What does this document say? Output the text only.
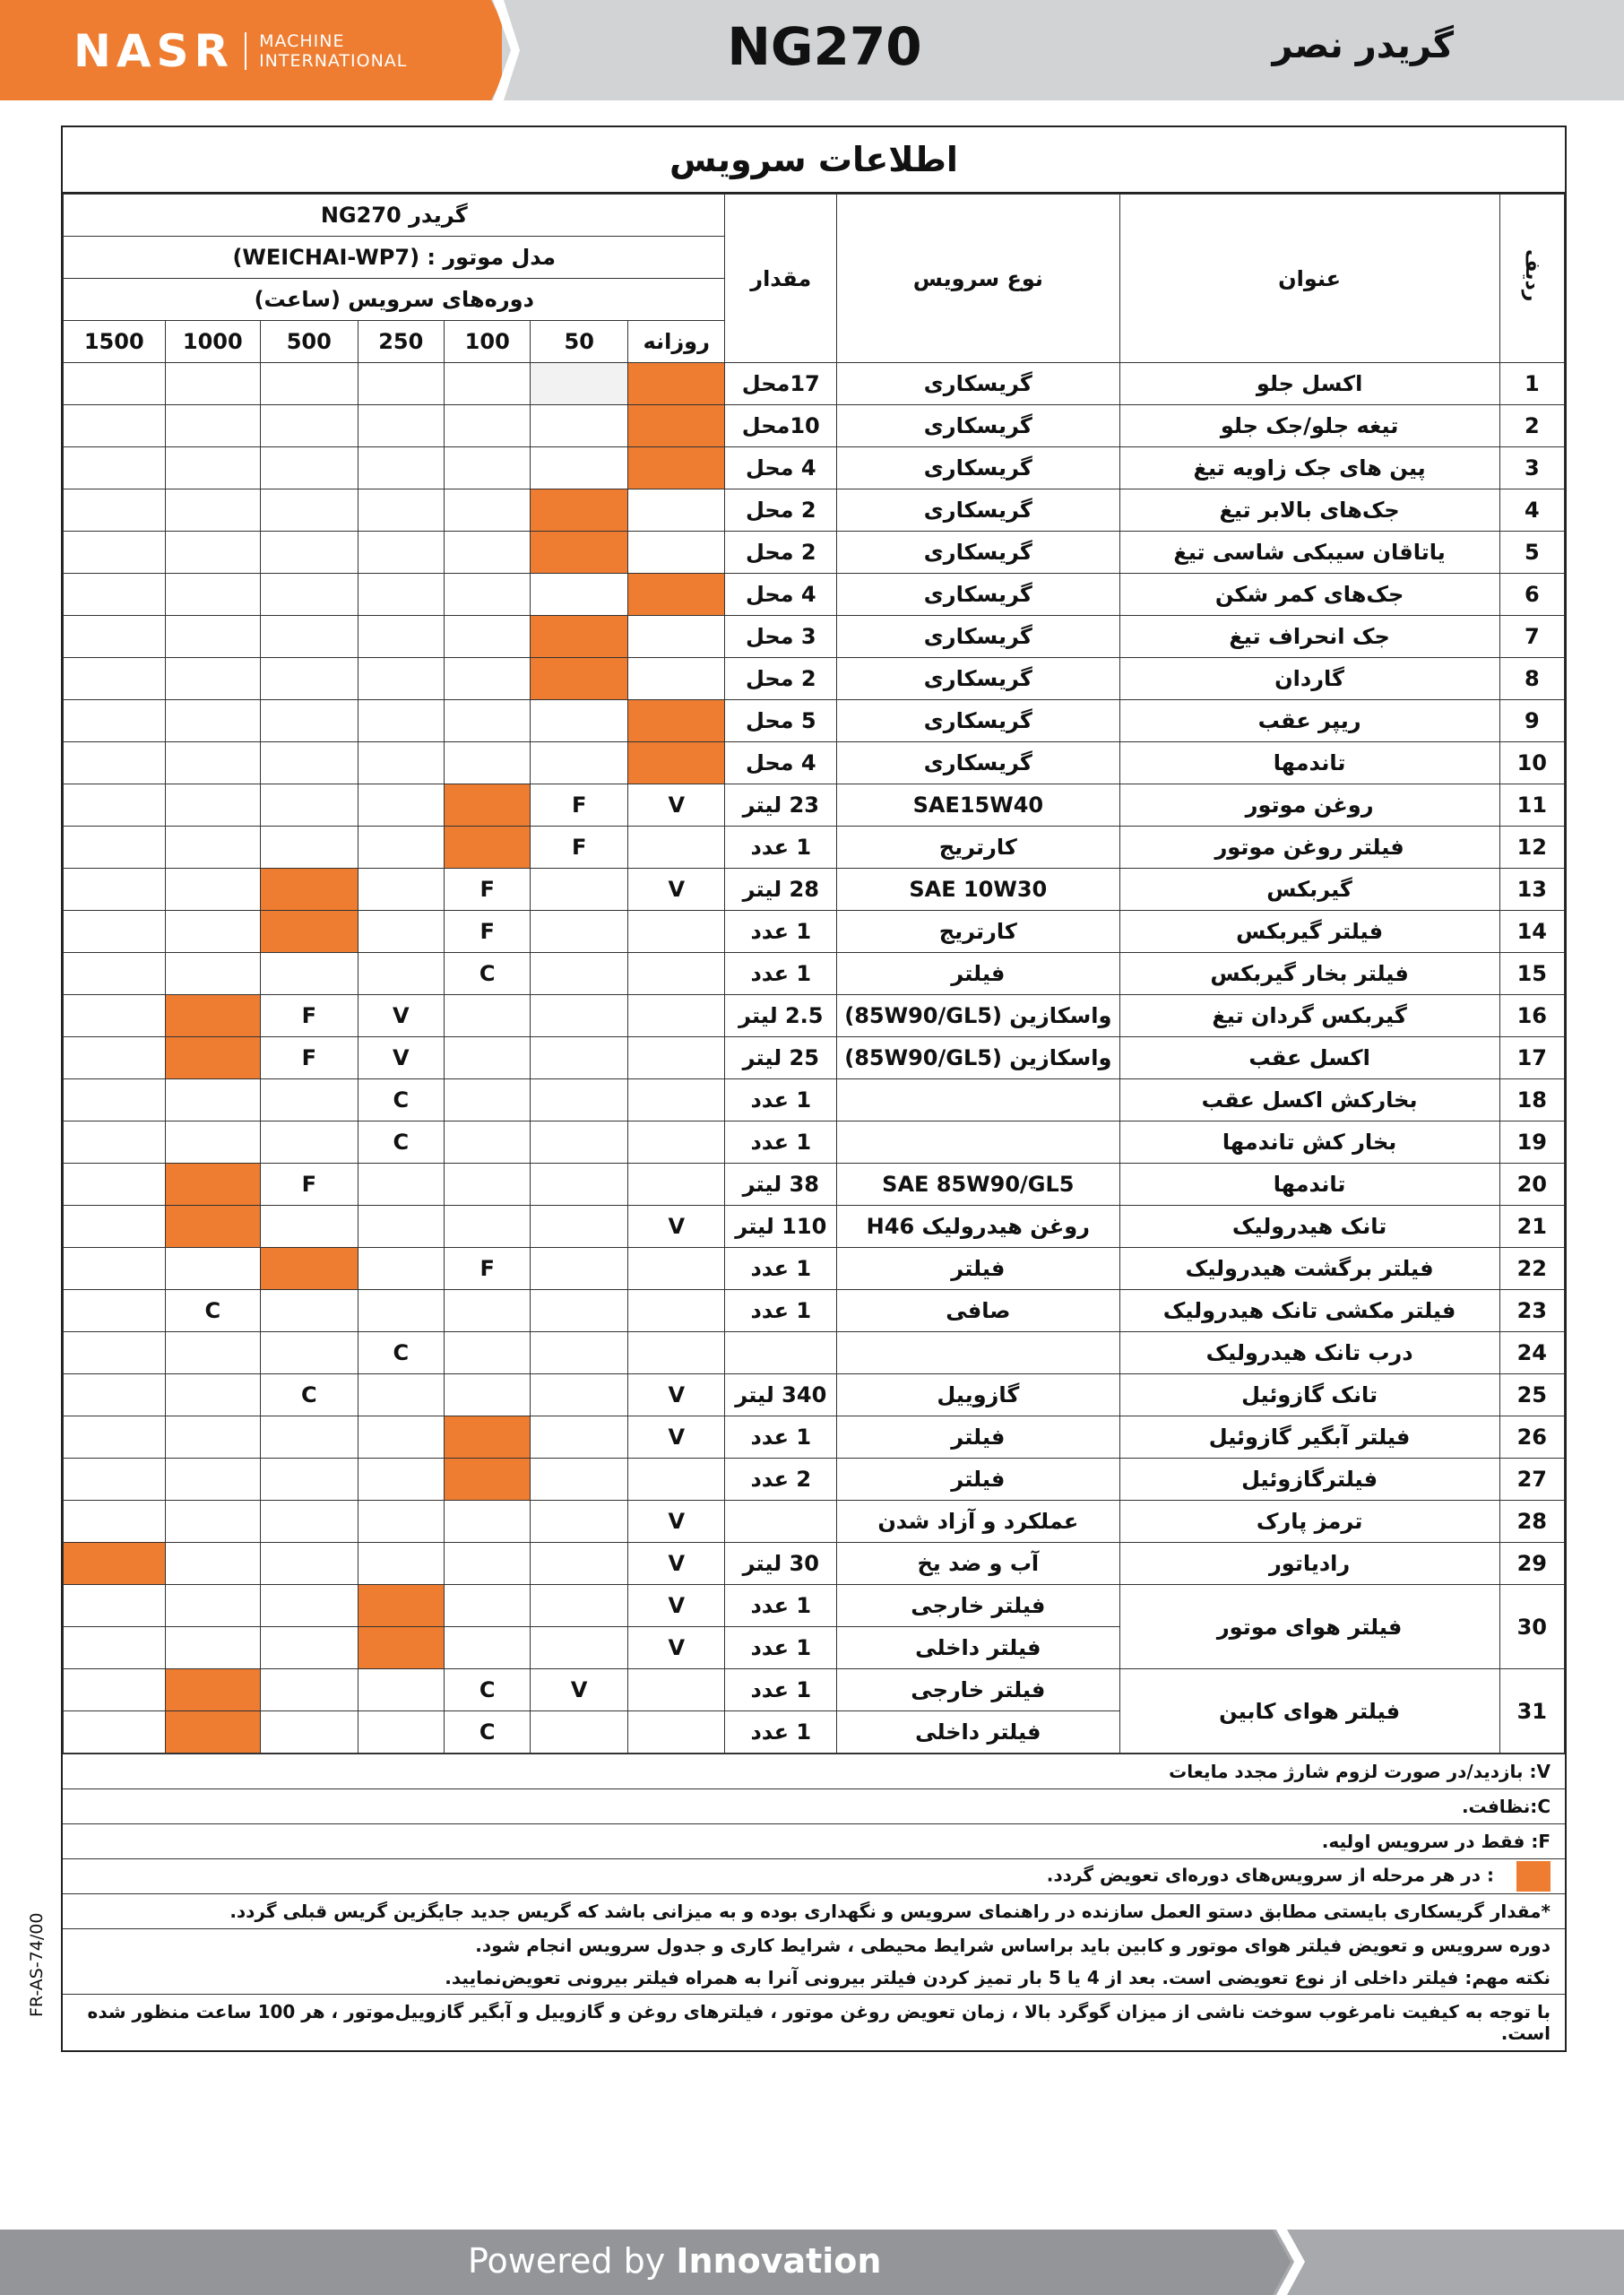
NASR MACHINE
INTERNATIONAL	NG270	گریدر نصر
اطلاعات سرویس
گریدر NG270							مقدار	نوع سرویس	عنوان	ردیف
مدل موتور : (WEICHAI-WP7)										
دوره‌های سرویس (ساعت)										
1500	1000	500	250	100	50	روزانه				
							17محل	گریسکاری	اکسل جلو	1
							10محل	گریسکاری	تیغه جلو/جک جلو	2
							4 محل	گریسکاری	پین های جک زاویه تیغ	3
							2 محل	گریسکاری	جک‌های بالابر تیغ	4
							2 محل	گریسکاری	یاتاقان سیبکی شاسی تیغ	5
							4 محل	گریسکاری	جک‌های کمر شکن	6
							3 محل	گریسکاری	جک انحراف تیغ	7
							2 محل	گریسکاری	گاردان	8
							5 محل	گریسکاری	ریپر عقب	9
							4 محل	گریسکاری	تاندمها	10
					F	V	23 لیتر	SAE15W40	روغن موتور	11
					F		1 عدد	کارتریج	فیلتر روغن موتور	12
				F		V	28 لیتر	SAE 10W30	گیربکس	13
				F			1 عدد	کارتریج	فیلتر گیربکس	14
				C			1 عدد	فیلتر	فیلتر بخار گیربکس	15
		F	V				2.5 لیتر	واسکازین (85W90/GL5)	گیربکس گردان تیغ	16
		F	V				25 لیتر	واسکازین (85W90/GL5)	اکسل عقب	17
			C				1 عدد		بخارکش اکسل عقب	18
			C				1 عدد		بخار کش تاندمها	19
		F					38 لیتر	SAE 85W90/GL5	تاندمها	20
						V	110 لیتر	روغن هیدرولیک H46	تانک هیدرولیک	21
				F			1 عدد	فیلتر	فیلتر برگشت هیدرولیک	22
	C						1 عدد	صافی	فیلتر مکشی تانک هیدرولیک	23
			C						درب تانک هیدرولیک	24
		C				V	340 لیتر	گازوییل	تانک گازوئیل	25
						V	1 عدد	فیلتر	فیلتر آبگیر گازوئیل	26
							2 عدد	فیلتر	فیلترگازوئیل	27
						V		عملکرد و آزاد شدن	ترمز پارک	28
						V	30 لیتر	آب و ضد یخ	رادیاتور	29
						V	1 عدد	فیلتر خارجی	فیلتر هوای موتور	30
						V	1 عدد	فیلتر داخلی		
				C	V		1 عدد	فیلتر خارجی	فیلتر هوای کابین	31
				C			1 عدد	فیلتر داخلی		
V: بازدید/در صورت لزوم شارژ مجدد مایعات
C:نظافت.
F: فقط در سرویس اولیه.
: در هر مرحله از سرویس‌های دوره‌ای تعویض گردد.
*مقدار گریسکاری بایستی مطابق دستو العمل سازنده در راهنمای سرویس و نگهداری بوده و به میزانی باشد که گریس جدید جایگزین گریس قبلی گردد.
دوره سرویس و تعویض فیلتر هوای موتور و کابین باید براساس شرایط محیطی ، شرایط کاری و جدول سرویس انجام شود.
نکته مهم: فیلتر داخلی از نوع تعویضی است. بعد از 4 یا 5 بار تمیز کردن فیلتر بیرونی آنرا به همراه فیلتر بیرونی تعویض‌نمایید.
با توجه به کیفیت نامرغوب سوخت ناشی از میزان گوگرد بالا ، زمان تعویض روغن موتور ، فیلترهای روغن و گازوییل و آبگیر گازوییل‌موتور ، هر 100 ساعت منظور شده است.
FR-AS-74/00
Powered by Innovation
